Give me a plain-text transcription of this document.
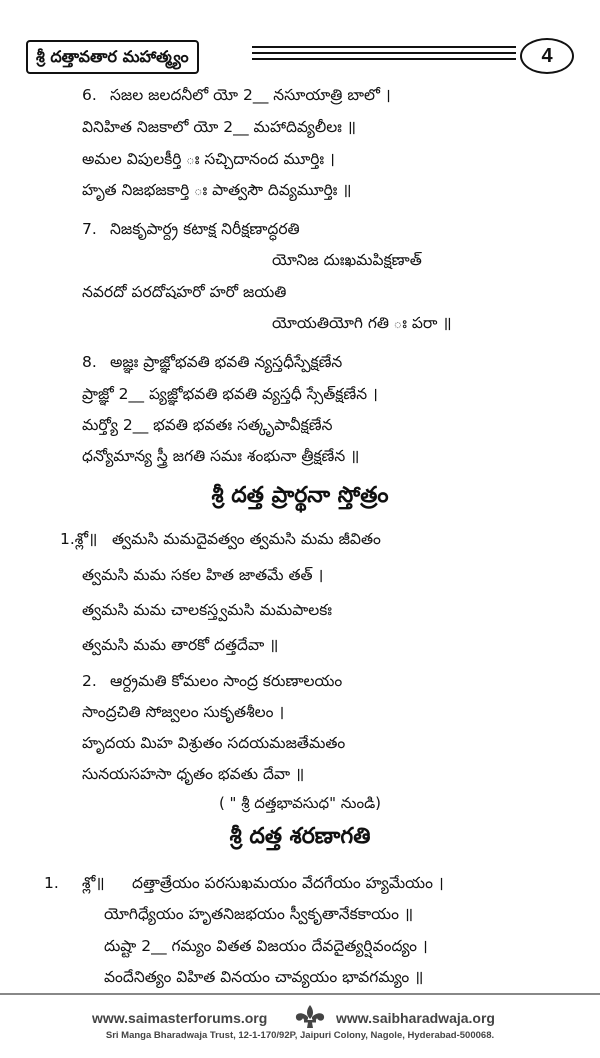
శ్రీ దత్తావతార మహాత్మ్యం	4
6. సజల జలదనీలో యో 2__ నసూయాత్రి బాలో ।
వినిహిత నిజకాలో యో 2__ మహాదివ్యలీలః ॥
అమల విపులకీర్తి ః సచ్చిదానంద మూర్తిః ।
హృత నిజభజకార్తి ః పాత్వసౌ దివ్యమూర్తిః ॥
7. నిజకృపార్ద్ర కటాక్ష నిరీక్షణాద్ధరతి
యోనిజ దుఃఖమపిక్షణాత్
నవరదో పరదోషహరో హరో జయతి
యోయతియోగి గతి ః పరా ॥
8. అజ్ఞః ప్రాజ్ఞోభవతి భవతి న్యస్తధీస్పేక్షణేన
ప్రాజ్ఞో 2__ ప్యజ్ఞోభవతి భవతి వ్యస్తధీ స్సేత్‌క్షణేన ।
మర్త్యో 2__ భవతి భవతః సత్కృపావీక్షణేన
ధన్యోమాన్య స్త్రీ జగతి సమః శంభునా త్రీక్షణేన ॥
శ్రీ దత్త ప్రార్థనా స్తోత్రం
1.శ్లో॥ త్వమసి మమదైవత్వం త్వమసి మమ జీవితం
త్వమసి మమ సకల హిత జాతమే తత్ ।
త్వమసి మమ చాలకస్త్వమసి మమపాలకః
త్వమసి మమ తారకో దత్తదేవా ॥
2. ఆర్ద్రమతి కోమలం సాంద్ర కరుణాలయం
సాంద్రచితి సోజ్వలం సుకృతశీలం ।
హృదయ మిహ విశ్రుతం సదయమజతేమతం
సునయసహసా ధృతం భవతు దేవా ॥
( " శ్రీ దత్తభావసుధ" నుండి)
శ్రీ దత్త శరణాగతి
1. శ్లో॥ దత్తాత్రేయం పరసుఖమయం వేదగేయం హ్యమేయం ।
యోగిధ్యేయం హృతనిజభయం స్వీకృతానేకకాయం ॥
దుష్టా 2__ గమ్యం వితత విజయం దేవదైత్యర్షివంద్యం ।
వందేనిత్యం విహిత వినయం చావ్యయం భావగమ్యం ॥
www.saimasterforums.org	www.saibharadwaja.org
Sri Manga Bharadwaja Trust, 12-1-170/92P, Jaipuri Colony, Nagole, Hyderabad-500068.
